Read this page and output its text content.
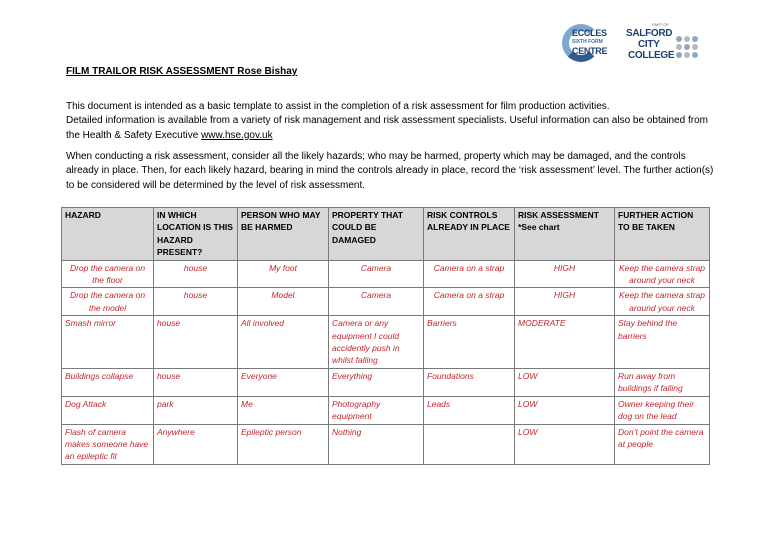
ECCLES
SIXTH FORM
CENTRE
PART OF
SALFORD
CITY
COLLEGE
FILM TRAILOR RISK ASSESSMENT Rose Bishay

This document is intended as a basic template to assist in the completion of a risk assessment for film production activities.
Detailed information is available from a variety of risk management and risk assessment specialists. Useful information can also be obtained from the Health & Safety Executive www.hse.gov.uk

When conducting a risk assessment, consider all the likely hazards; who may be harmed, property which may be damaged, and the controls already in place. Then, for each likely hazard, bearing in mind the controls already in place, record the ‘risk assessment’ level. The further action(s) to be considered will be determined by the level of risk assessment.

HAZARD	IN WHICH LOCATION IS THIS HAZARD PRESENT?	PERSON WHO MAY BE HARMED	PROPERTY THAT COULD BE DAMAGED	RISK CONTROLS ALREADY IN PLACE	RISK ASSESSMENT *See chart	FURTHER ACTION TO BE TAKEN
Drop the camera on the floor	house	My foot	Camera	Camera on a strap	HIGH	Keep the camera strap around your neck
Drop the camera on the model	house	Model	Camera	Camera on a strap	HIGH	Keep the camera strap around your neck
Smash mirror	house	All involved	Camera or any equipment I could accidently push in whilst falling	Barriers	MODERATE	Stay behind the barriers
Buildings collapse	house	Everyone	Everything	Foundations	LOW	Run away from buildings if falling
Dog Attack	park	Me	Photography equipment	Leads	LOW	Owner keeping their dog on the lead
Flash of camera makes someone have an epileptic fit	Anywhere	Epileptic person	Nothing		LOW	Don’t point the camera at people
